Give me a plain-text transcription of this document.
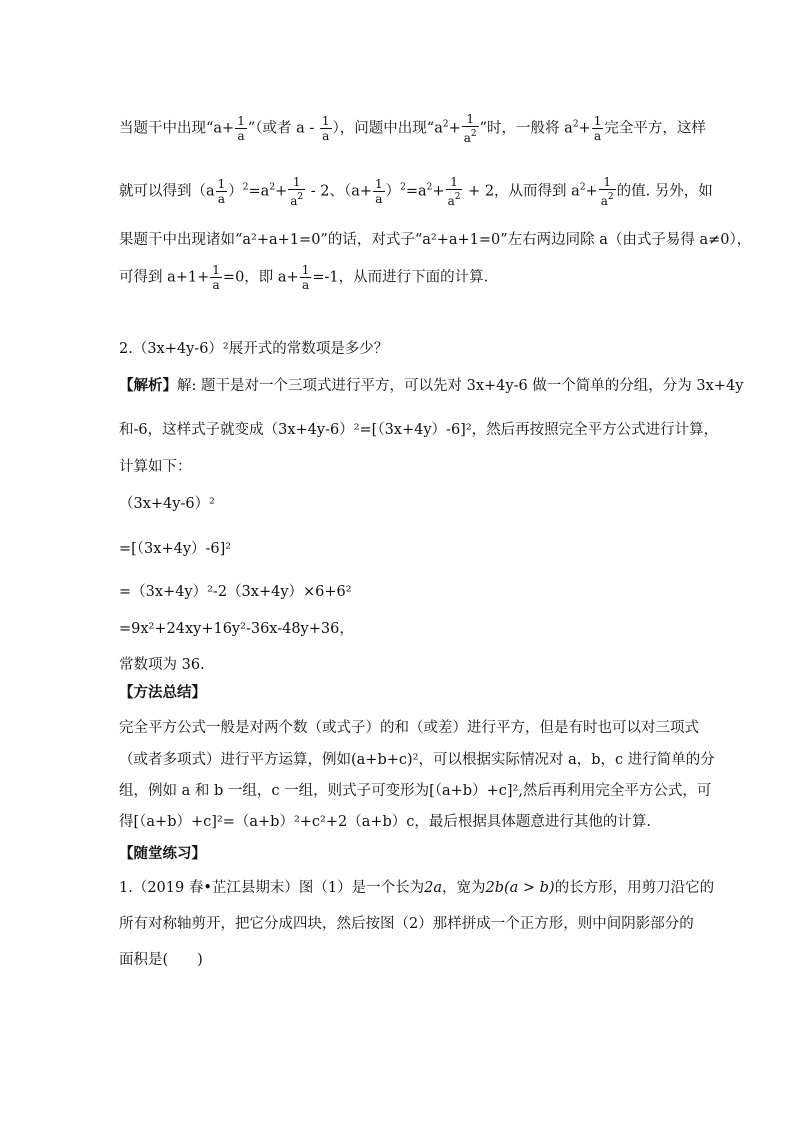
当题干中出现“$a+ \frac{1}{a}$ ”（或者 a - $\frac{1}{a}$ ），问题中出现“$a^2+ \frac{1}{a^2}$ ”时，一般将 $a^2+ \frac{1}{a}$ 完全平方，这样
就可以得到$(a \frac{1}{a} )^2=a^2+ \frac{1}{a^2} - 2$、$(a+ \frac{1}{a} )^2=a^2+ \frac{1}{a^2} + 2$，从而得到 $a^2+ \frac{1}{a^2}$ 的值. 另外，如
果题干中出现诸如“a²+a+1=0”的话，对式子“a²+a+1=0”左右两边同除 a（由式子易得 a≠0），
可得到 $a+1+ \frac{1}{a} =0$，即 $a+ \frac{1}{a} =-1$，从而进行下面的计算.
2.（3x+4y-6）²展开式的常数项是多少？
【解析】解: 题干是对一个三项式进行平方，可以先对 3x+4y-6 做一个简单的分组，分为 3x+4y
和-6，这样式子就变成（3x+4y-6）²=[（3x+4y）-6]²，然后再按照完全平方公式进行计算，
计算如下：
（3x+4y-6）²
=[（3x+4y）-6]²
=（3x+4y）²-2（3x+4y）×6+6²
=9x²+24xy+16y²-36x-48y+36，
常数项为 36.
【方法总结】
完全平方公式一般是对两个数（或式子）的和（或差）进行平方，但是有时也可以对三项式
（或者多项式）进行平方运算，例如(a+b+c)²，可以根据实际情况对 a，b，c 进行简单的分
组，例如 a 和 b 一组，c 一组，则式子可变形为[（a+b）+c]²,然后再利用完全平方公式，可
得[（a+b）+c]²=（a+b）²+c²+2（a+b）c，最后根据具体题意进行其他的计算.
【随堂练习】
1.（2019 春•芷江县期末）图（1）是一个长为2a，宽为2b(a > b)的长方形，用剪刀沿它的
所有对称轴剪开，把它分成四块，然后按图（2）那样拼成一个正方形，则中间阴影部分的
面积是(　　)
